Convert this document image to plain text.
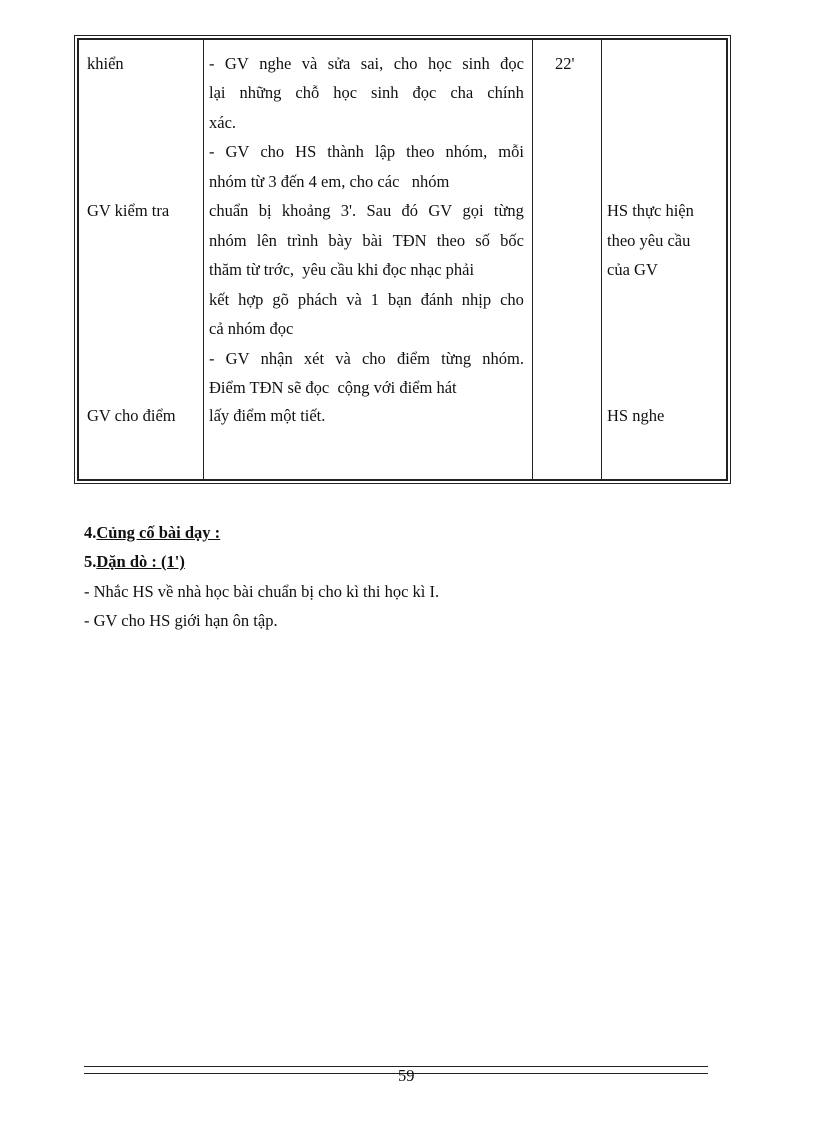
khiển
GV kiểm tra
GV cho điểm
- GV nghe và sửa sai, cho học sinh đọc
lại những chỗ học sinh đọc cha chính
xác.
- GV cho HS thành lập theo nhóm, mỗi
nhóm từ 3 đến 4 em, cho các   nhóm
chuẩn bị khoảng 3'. Sau đó GV gọi từng
nhóm lên trình bày bài TĐN theo số bốc
thăm từ trớc,  yêu cầu khi đọc nhạc phải
kết hợp gõ phách và 1 bạn đánh nhịp cho
cả nhóm đọc
- GV nhận xét và cho điểm từng nhóm.
Điểm TĐN sẽ đọc  cộng với điểm hát
lấy điểm một tiết.
22'
HS thực hiện
theo yêu cầu
của GV
HS nghe
4.Củng cố bài dạy :
5.Dặn dò : (1')
- Nhắc HS về nhà học bài chuẩn bị cho kì thi học kì I.
- GV cho HS giới hạn ôn tập.
59
